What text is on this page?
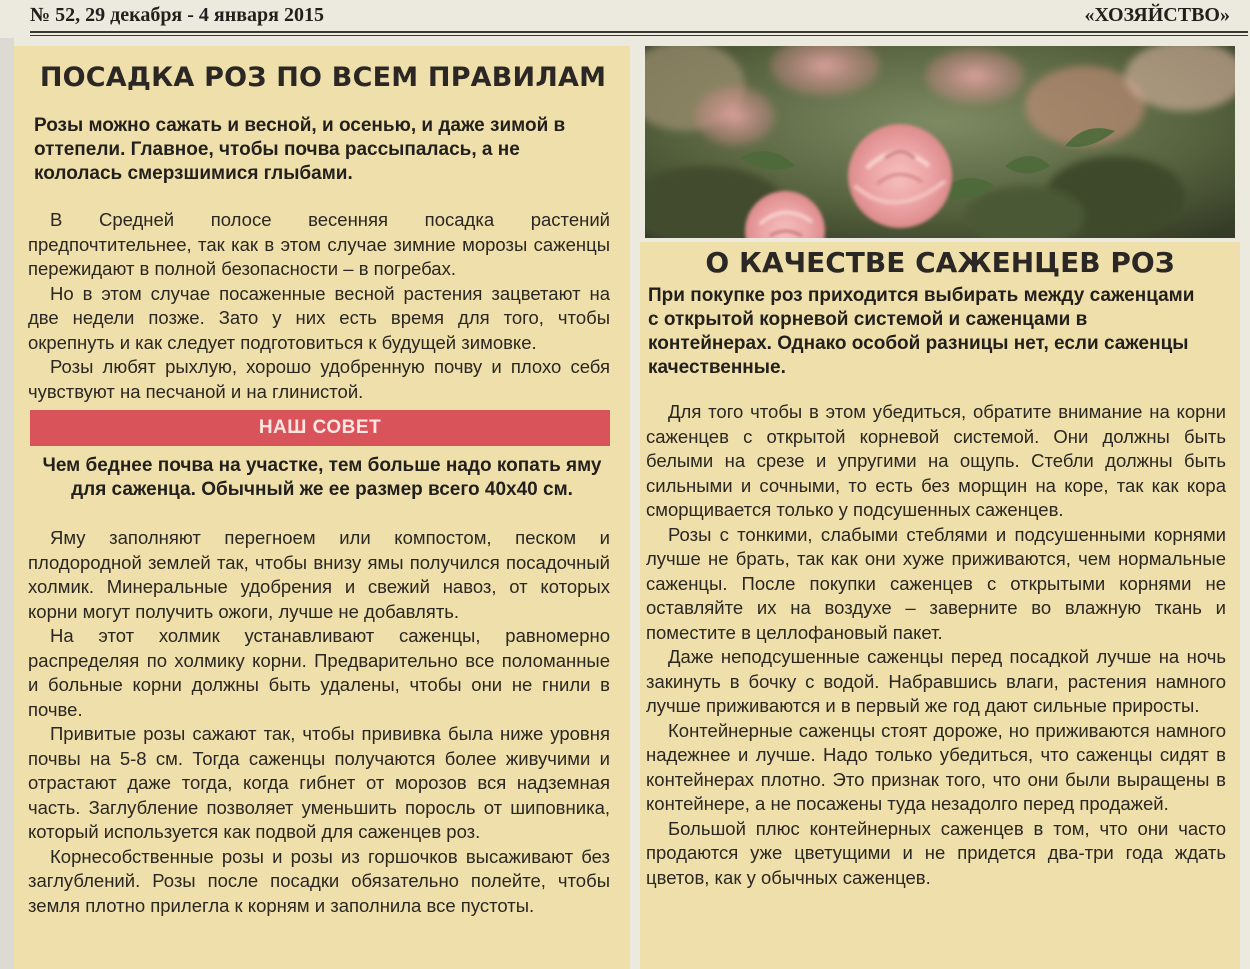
№ 52, 29 декабря - 4 января 2015	«ХОЗЯЙСТВО»
ПОСАДКА РОЗ ПО ВСЕМ ПРАВИЛАМ

Розы можно сажать и весной, и осенью, и даже зимой в оттепели. Главное, чтобы почва рассыпалась, а не кололась смерзшимися глыбами.

В Средней полосе весенняя посадка растений предпочтительнее, так как в этом случае зимние морозы саженцы пережидают в полной безопасности – в погребах.

Но в этом случае посаженные весной растения зацветают на две недели позже. Зато у них есть время для того, чтобы окрепнуть и как следует подготовиться к будущей зимовке.

Розы любят рыхлую, хорошо удобренную почву и плохо себя чувствуют на песчаной и на глинистой.

НАШ СОВЕТ

Чем беднее почва на участке, тем больше надо копать яму для саженца. Обычный же ее размер всего 40х40 см.

Яму заполняют перегноем или компостом, песком и плодородной землей так, чтобы внизу ямы получился посадочный холмик. Минеральные удобрения и свежий навоз, от которых корни могут получить ожоги, лучше не добавлять.

На этот холмик устанавливают саженцы, равномерно распределяя по холмику корни. Предварительно все поломанные и больные корни должны быть удалены, чтобы они не гнили в почве.

Привитые розы сажают так, чтобы прививка была ниже уровня почвы на 5-8 см. Тогда саженцы получаются более живучими и отрастают даже тогда, когда гибнет от морозов вся надземная часть. Заглубление позволяет уменьшить поросль от шиповника, который используется как подвой для саженцев роз.

Корнесобственные розы и розы из горшочков высаживают без заглублений. Розы после посадки обязательно полейте, чтобы земля плотно прилегла к корням и заполнила все пустоты.

О КАЧЕСТВЕ САЖЕНЦЕВ РОЗ

При покупке роз приходится выбирать между саженцами с открытой корневой системой и саженцами в контейнерах. Однако особой разницы нет, если саженцы качественные.

Для того чтобы в этом убедиться, обратите внимание на корни саженцев с открытой корневой системой. Они должны быть белыми на срезе и упругими на ощупь. Стебли должны быть сильными и сочными, то есть без морщин на коре, так как кора сморщивается только у подсушенных саженцев.

Розы с тонкими, слабыми стеблями и подсушенными корнями лучше не брать, так как они хуже приживаются, чем нормальные саженцы. После покупки саженцев с открытыми корнями не оставляйте их на воздухе – заверните во влажную ткань и поместите в целлофановый пакет.

Даже неподсушенные саженцы перед посадкой лучше на ночь закинуть в бочку с водой. Набравшись влаги, растения намного лучше приживаются и в первый же год дают сильные приросты.

Контейнерные саженцы стоят дороже, но приживаются намного надежнее и лучше. Надо только убедиться, что саженцы сидят в контейнерах плотно. Это признак того, что они были выращены в контейнере, а не посажены туда незадолго перед продажей.

Большой плюс контейнерных саженцев в том, что они часто продаются уже цветущими и не придется два-три года ждать цветов, как у обычных саженцев.
